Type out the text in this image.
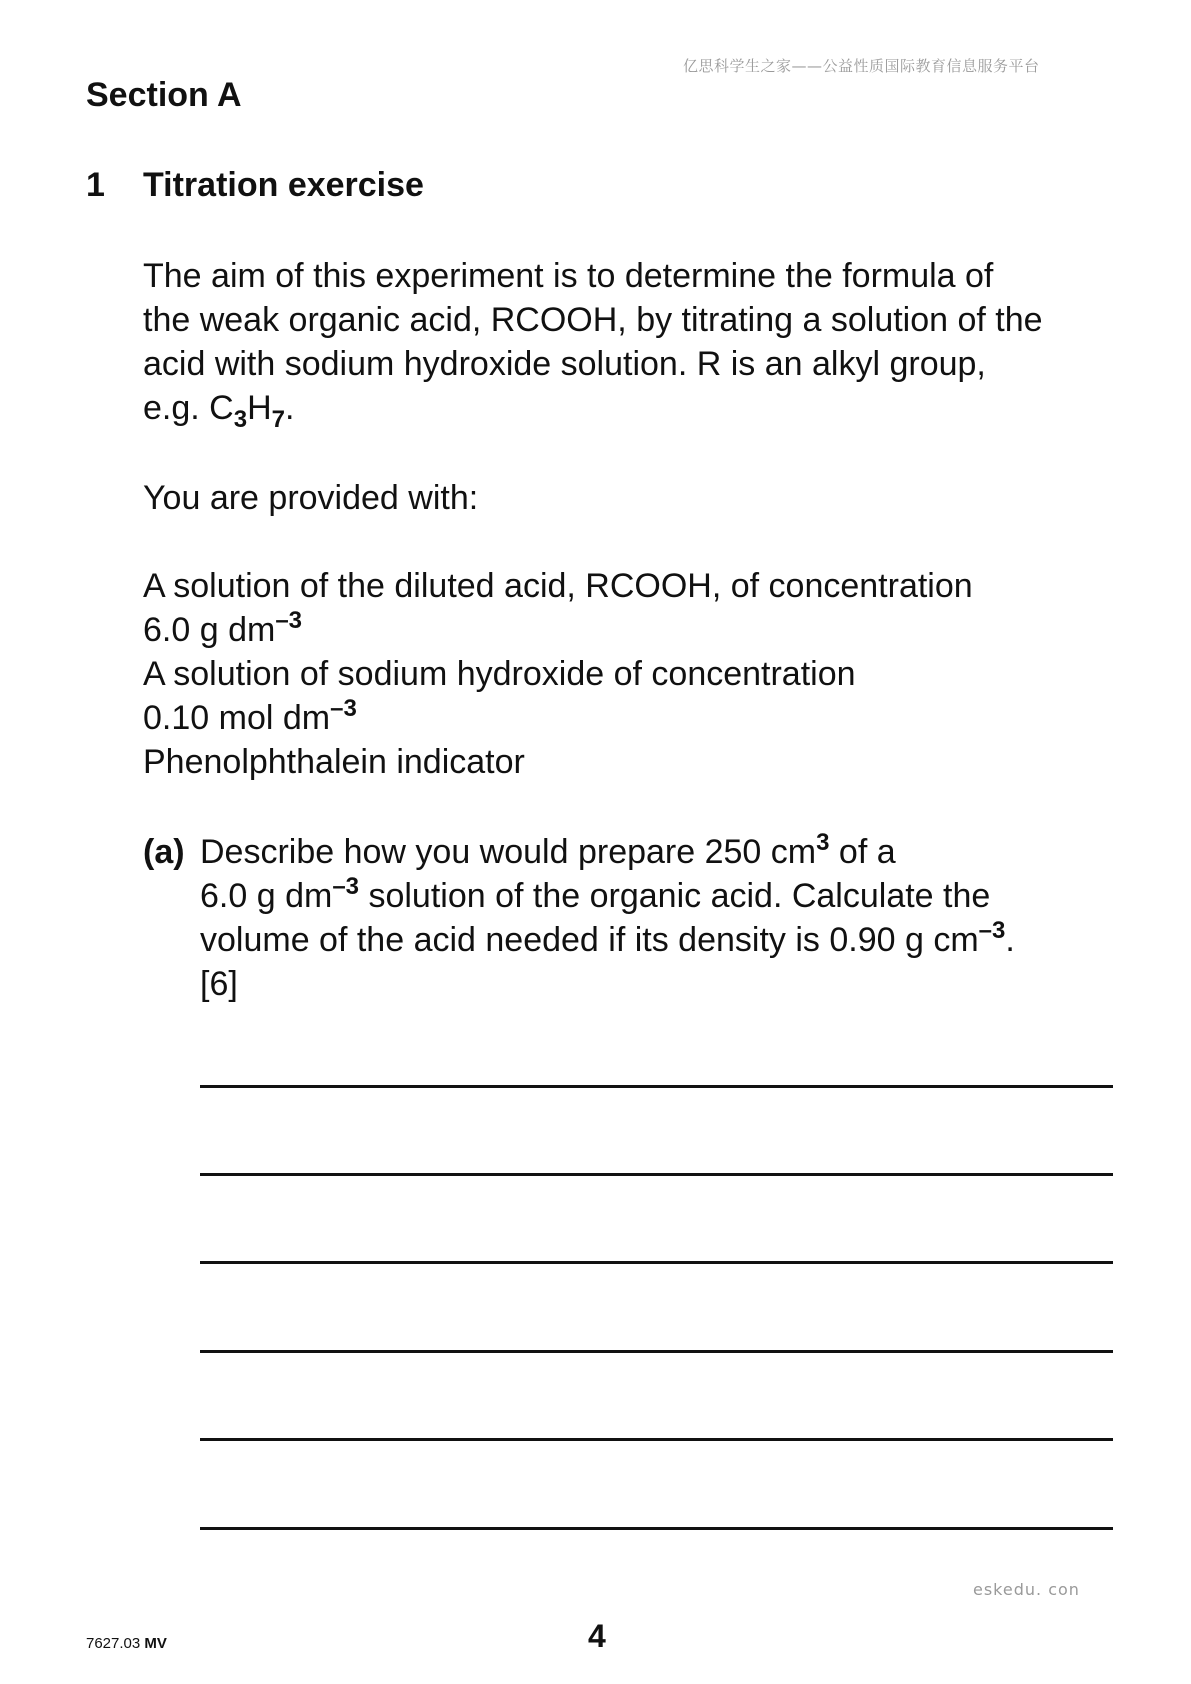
亿思科学生之家——公益性质国际教育信息服务平台
Section A
1 Titration exercise
The aim of this experiment is to determine the formula of
the weak organic acid, RCOOH, by titrating a solution of the
acid with sodium hydroxide solution. R is an alkyl group,
e.g. $C_3H_7$.
You are provided with:
A solution of the diluted acid, RCOOH, of concentration
6.0 g $dm^{-3}$
A solution of sodium hydroxide of concentration
0.10 mol $dm^{-3}$
Phenolphthalein indicator
(a) Describe how you would prepare 250 $cm^3$ of a
6.0 g $dm^{-3}$ solution of the organic acid. Calculate the
volume of the acid needed if its density is 0.90 g $cm^{-3}$.
[6]
eskedu. con
7627.03 MV	4
